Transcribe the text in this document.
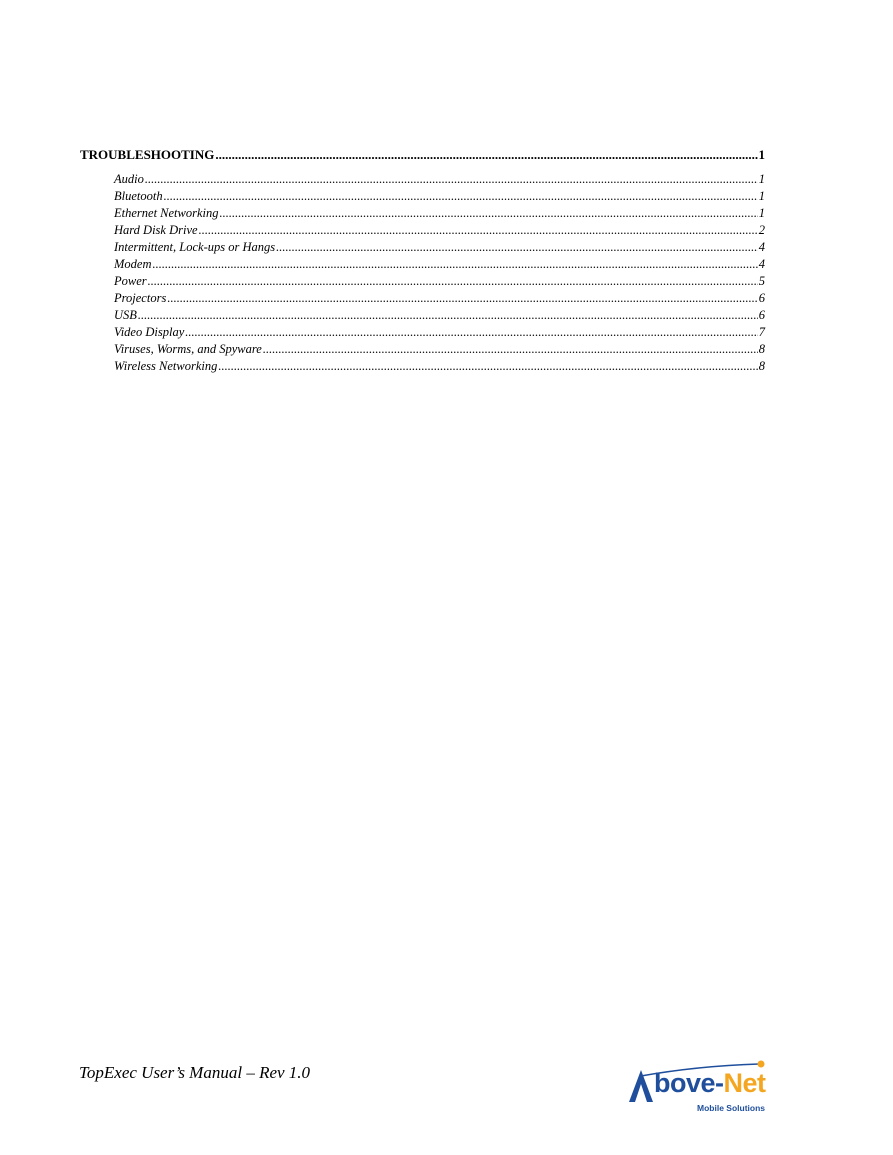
TROUBLESHOOTING .....	1
Audio .....	1
Bluetooth .....	1
Ethernet Networking .....	1
Hard Disk Drive .....	2
Intermittent, Lock-ups or Hangs .....	4
Modem .....	4
Power .....	5
Projectors .....	6
USB .....	6
Video Display .....	7
Viruses, Worms, and Spyware .....	8
Wireless Networking .....	8
TopExec User’s Manual – Rev 1.0	bove-Net
Mobile Solutions
